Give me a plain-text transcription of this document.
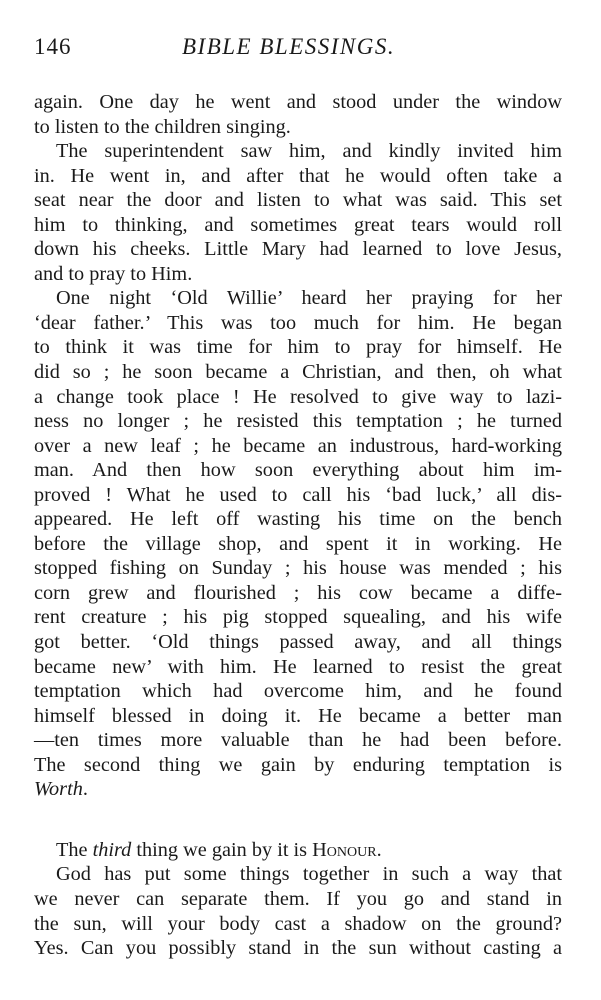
146	BIBLE BLESSINGS.
again. One day he went and stood under the window
to listen to the children singing.
The superintendent saw him, and kindly invited him
in. He went in, and after that he would often take a
seat near the door and listen to what was said. This set
him to thinking, and sometimes great tears would roll
down his cheeks. Little Mary had learned to love Jesus,
and to pray to Him.
One night ‘Old Willie’ heard her praying for her
‘dear father.’ This was too much for him. He began
to think it was time for him to pray for himself. He
did so ; he soon became a Christian, and then, oh what
a change took place ! He resolved to give way to lazi-
ness no longer ; he resisted this temptation ; he turned
over a new leaf ; he became an industrous, hard-working
man. And then how soon everything about him im-
proved ! What he used to call his ‘bad luck,’ all dis-
appeared. He left off wasting his time on the bench
before the village shop, and spent it in working. He
stopped fishing on Sunday ; his house was mended ; his
corn grew and flourished ; his cow became a diffe-
rent creature ; his pig stopped squealing, and his wife
got better. ‘Old things passed away, and all things
became new’ with him. He learned to resist the great
temptation which had overcome him, and he found
himself blessed in doing it. He became a better man
—ten times more valuable than he had been before.
The second thing we gain by enduring temptation is
Worth.
The third thing we gain by it is Honour.
God has put some things together in such a way that
we never can separate them. If you go and stand in
the sun, will your body cast a shadow on the ground?
Yes. Can you possibly stand in the sun without casting a
